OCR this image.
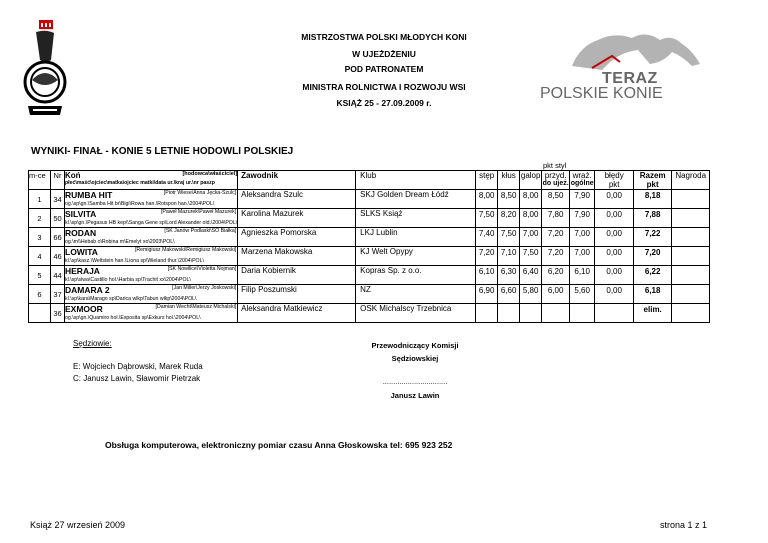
TERAZ
POLSKIE KONIE
MISTRZOSTWA POLSKI MŁODYCH KONI
W UJEŻDŻENIU
POD PATRONATEM
MINISTRA ROLNICTWA I ROZWOJU WSI
KSIĄŻ 25 - 27.09.2009 r.
WYNIKI- FINAŁ - KONIE 5 LETNIE HODOWLI POLSKIEJ
					pkt styl							
m-ce	Nr	Koń [hodowca\właściciel]	Zawodnik	Klub	stęp	kłus	galop	przyd.	wraż.	błędy	Razem	Nagroda
		płeć\maść\ojciec\matka\ojciec matki\data ur.\kraj ur.\nr paszp						do ujeż.	ogólne	pkt	pkt	
1	34	RUMBA HIT [Piotr Wiese\Anna Jęcka-Szulc]	Aleksandra Szulc	SKJ Golden Dream Łódź	8,00	8,50	8,00	8,50	7,90	0,00	8,18	
		og.\sp\gn.\Samba Hit br\Bigi\Rowa han.\Rotspon han.\2004\POL\										
2	50	SILVITA [Paweł Mazurek\Paweł Mazurek]	Karolina Mazurek	SLKS Książ	7,50	8,20	8,00	7,80	7,90	0,00	7,88	
		kl.\sp\gn.\Pegasus HB kep\\Sanga Gene sp\Lord Alexander old.\2004\POL\										
3	66	RODAN [SK Janów Podlaski\SO Białka]	Agnieszka Pomorska	LKJ Lublin	7,40	7,50	7,00	7,20	7,00	0,00	7,22	
		og.\m\\Hebab o\Robina m\Emelyt xo\2003\POL\										
4	46	LOWITA [Remigiusz Makowski\Remigiusz Makowski]	Marzena Makowska	KJ Welt Opypy	7,20	7,10	7,50	7,20	7,00	0,00	7,20	
		kl.\sp\kasz.\Weltstein han.\Liona sp\Wieland thur.\2004\POL\										
5	44	HERAJA [SK Nowilice\Violetta Nojman]	Daria Kobiernik	Kopras Sp. z o.o.	6,10	6,30	6,40	6,20	6,10	0,00	6,22	
		kl.\sp\siwa\Castillo hol.\Harbia sp\Trachit xx\2004\POL\										
6	37	DAMARA 2 [Jan Miller\Jerzy Joskowski]	Filip Poszumski	NZ	6,90	6,60	5,80	6,00	5,60	0,00	6,18	
		kl.\sp\kara\Marago sp\Darica wlkp\Tabun wlkp\2004\POL\										
	36	EXMOOR [Damian Wecht\Mateusz Michalski]	Aleksandra Matkiewicz	OSK Michalscy Trzebnica							elim.	
		og.\sp\gn.\Quamiro hol.\Exposita sp\Exkurs hol.\2004\POL\										
Sędziowie:
E: Wojciech Dąbrowski, Marek Ruda
C: Janusz Lawin, Sławomir Pietrzak
Przewodniczący Komisji
Sędziowskiej
...............................
Janusz Lawin
Obsługa komputerowa, elektroniczny pomiar czasu Anna Głoskowska tel: 695 923 252
Książ 27 wrzesień 2009	strona 1 z 1
